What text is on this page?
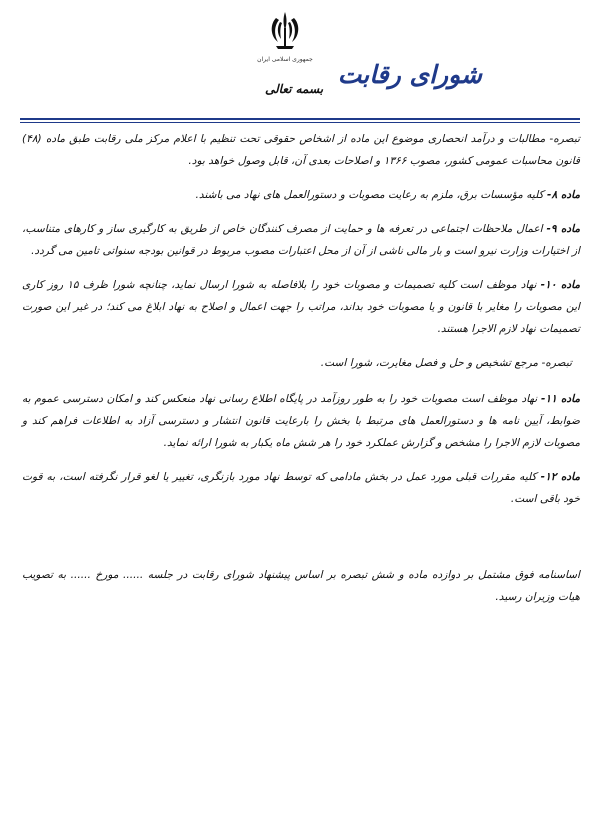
جمهوری اسلامی ایران
شورای رقابت
بسمه تعالی

تبصره- مطالبات و درآمد انحصاری موضوع این ماده از اشخاص حقوقی تحت تنظیم با اعلام مرکز ملی رقابت طبق ماده (۴۸) قانون محاسبات عمومی کشور، مصوب ۱۳۶۶ و اصلاحات بعدی آن، قابل وصول خواهد بود.

ماده ۸- کلیه مؤسسات برق، ملزم به رعایت مصوبات و دستورالعمل های نهاد می باشند.

ماده ۹- اعمال ملاحظات اجتماعی در تعرفه ها و حمایت از مصرف کنندگان خاص از طریق به کارگیری ساز و کارهای متناسب، از اختیارات وزارت نیرو است و بار مالی ناشی از آن از محل اعتبارات مصوب مربوط در قوانین بودجه سنواتی تامین می گردد.

ماده ۱۰- نهاد موظف است کلیه تصمیمات و مصوبات خود را بلافاصله به شورا ارسال نماید، چنانچه شورا ظرف ۱۵ روز کاری این مصوبات را مغایر با قانون و یا مصوبات خود بداند، مراتب را جهت اعمال و اصلاح به نهاد ابلاغ می کند؛ در غیر این صورت تصمیمات نهاد لازم الاجرا هستند.

تبصره- مرجع تشخیص و حل و فصل مغایرت، شورا است.

ماده ۱۱- نهاد موظف است مصوبات خود را به طور روزآمد در پایگاه اطلاع رسانی نهاد منعکس کند و امکان دسترسی عموم به ضوابط، آیین نامه ها و دستورالعمل های مرتبط با بخش را بارعایت قانون انتشار و دسترسی آزاد به اطلاعات فراهم کند و مصوبات لازم الاجرا را مشخص و گزارش عملکرد خود را هر شش ماه یکبار به شورا ارائه نماید.

ماده ۱۲- کلیه مقررات قبلی مورد عمل در بخش مادامی که توسط نهاد مورد بازنگری، تغییر یا لغو قرار نگرفته است، به قوت خود باقی است.

اساسنامه فوق مشتمل بر دوازده ماده و شش تبصره بر اساس پیشنهاد شورای رقابت در جلسه ...... مورخ ...... به تصویب هیات وزیران رسید.
